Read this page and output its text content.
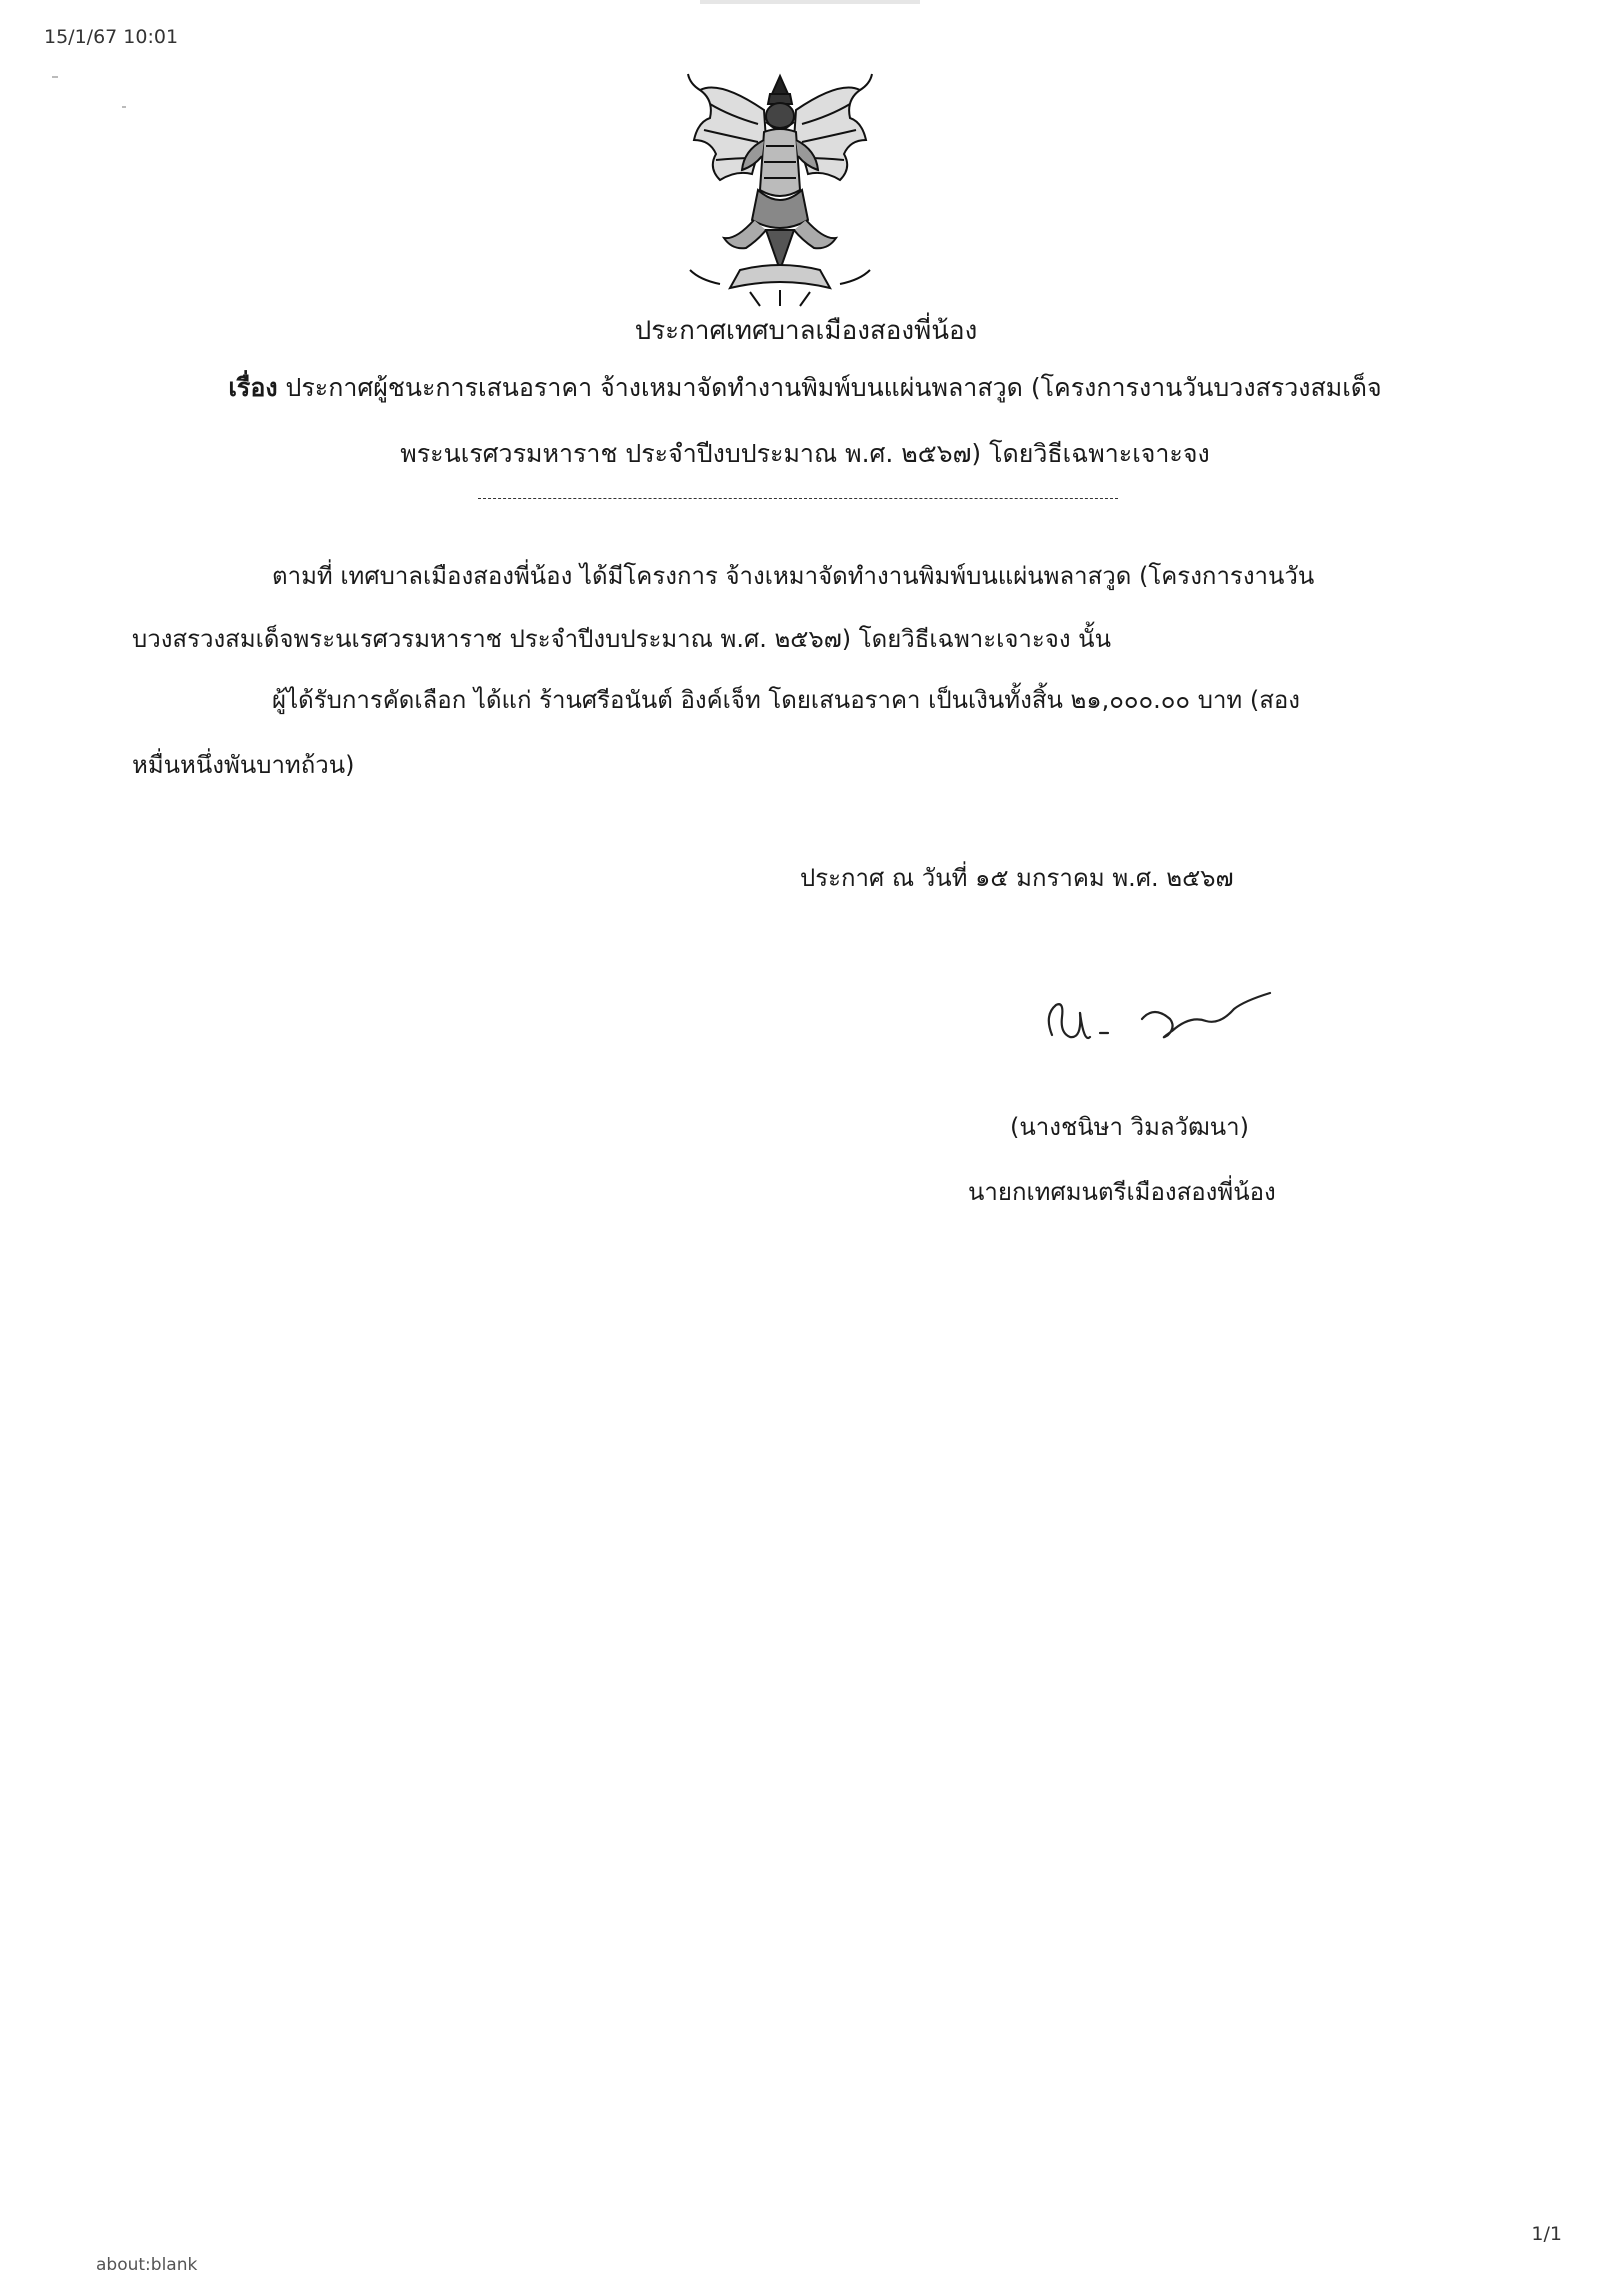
15/1/67 10:01
ประกาศเทศบาลเมืองสองพี่น้อง
เรื่อง ประกาศผู้ชนะการเสนอราคา จ้างเหมาจัดทำงานพิมพ์บนแผ่นพลาสวูด (โครงการงานวันบวงสรวงสมเด็จ
พระนเรศวรมหาราช ประจำปีงบประมาณ พ.ศ. ๒๕๖๗) โดยวิธีเฉพาะเจาะจง
ตามที่ เทศบาลเมืองสองพี่น้อง ได้มีโครงการ จ้างเหมาจัดทำงานพิมพ์บนแผ่นพลาสวูด (โครงการงานวัน
บวงสรวงสมเด็จพระนเรศวรมหาราช ประจำปีงบประมาณ พ.ศ. ๒๕๖๗) โดยวิธีเฉพาะเจาะจง นั้น
ผู้ได้รับการคัดเลือก ได้แก่ ร้านศรีอนันต์ อิงค์เจ็ท โดยเสนอราคา เป็นเงินทั้งสิ้น ๒๑,๐๐๐.๐๐ บาท (สอง
หมื่นหนึ่งพันบาทถ้วน)
ประกาศ ณ วันที่ ๑๕ มกราคม พ.ศ. ๒๕๖๗
(นางชนิษา วิมลวัฒนา)
นายกเทศมนตรีเมืองสองพี่น้อง
about:blank
1/1
